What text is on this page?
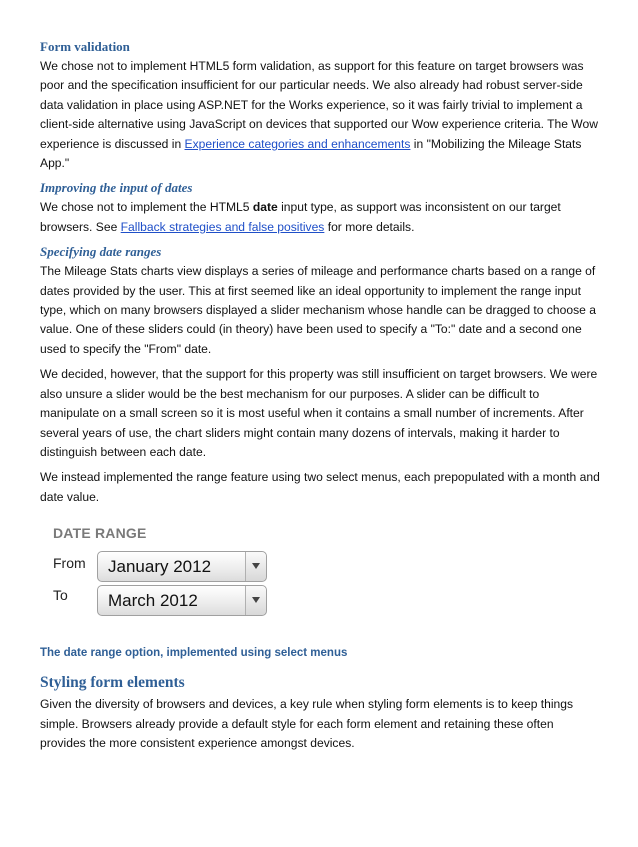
Form validation

We chose not to implement HTML5 form validation, as support for this feature on target browsers was poor and the specification insufficient for our particular needs. We also already had robust server-side data validation in place using ASP.NET for the Works experience, so it was fairly trivial to implement a client-side alternative using JavaScript on devices that supported our Wow experience criteria. The Wow experience is discussed in Experience categories and enhancements in "Mobilizing the Mileage Stats App."

Improving the input of dates

We chose not to implement the HTML5 date input type, as support was inconsistent on our target browsers. See Fallback strategies and false positives for more details.

Specifying date ranges

The Mileage Stats charts view displays a series of mileage and performance charts based on a range of dates provided by the user. This at first seemed like an ideal opportunity to implement the range input type, which on many browsers displayed a slider mechanism whose handle can be dragged to choose a value. One of these sliders could (in theory) have been used to specify a "To:" date and a second one used to specify the "From" date.

We decided, however, that the support for this property was still insufficient on target browsers. We were also unsure a slider would be the best mechanism for our purposes. A slider can be difficult to manipulate on a small screen so it is most useful when it contains a small number of increments. After several years of use, the chart sliders might contain many dozens of intervals, making it harder to distinguish between each date.

We instead implemented the range feature using two select menus, each prepopulated with a month and date value.

DATE RANGE
From January 2012
To March 2012
The date range option, implemented using select menus
Styling form elements

Given the diversity of browsers and devices, a key rule when styling form elements is to keep things simple. Browsers already provide a default style for each form element and retaining these often provides the more consistent experience amongst devices.
